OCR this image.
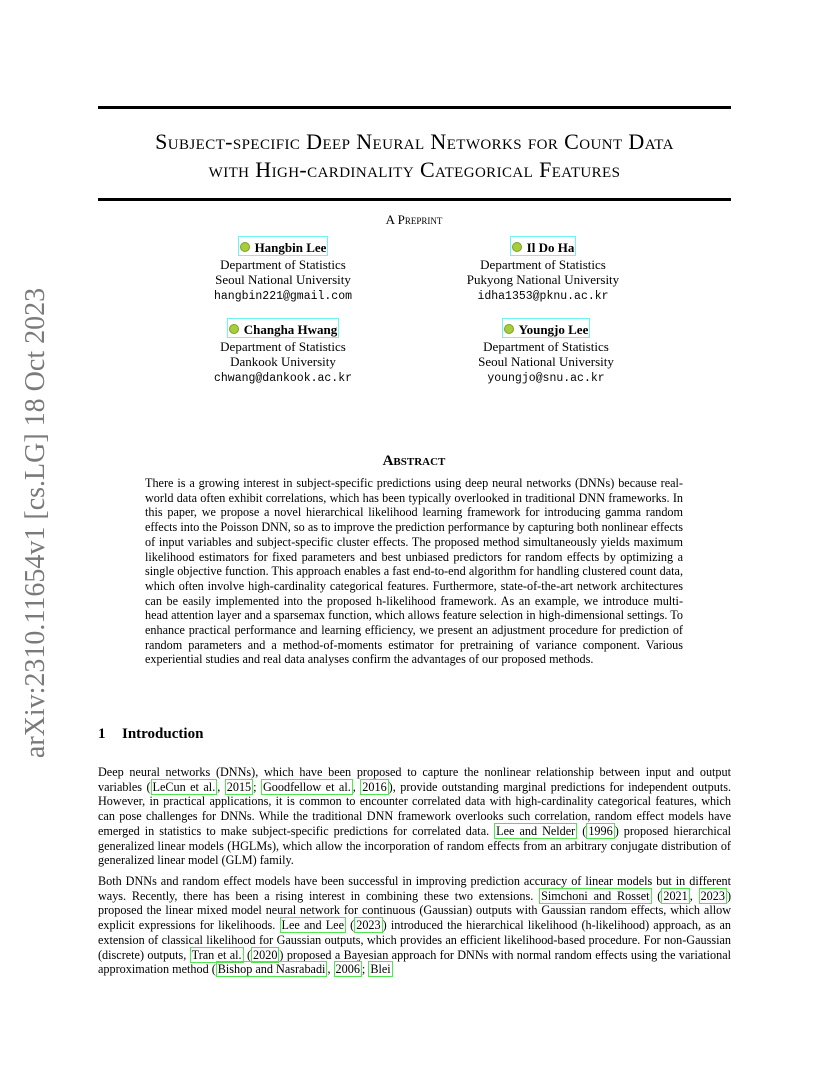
arXiv:2310.11654v1 [cs.LG] 18 Oct 2023
Subject-specific Deep Neural Networks for Count Data
with High-cardinality Categorical Features
A Preprint
Hangbin Lee
Department of Statistics
Seoul National University
hangbin221@gmail.com
Il Do Ha
Department of Statistics
Pukyong National University
idha1353@pknu.ac.kr
Changha Hwang
Department of Statistics
Dankook University
chwang@dankook.ac.kr
Youngjo Lee
Department of Statistics
Seoul National University
youngjo@snu.ac.kr
Abstract
There is a growing interest in subject-specific predictions using deep neural networks (DNNs) because real-world data often exhibit correlations, which has been typically overlooked in traditional DNN frameworks. In this paper, we propose a novel hierarchical likelihood learning framework for introducing gamma random effects into the Poisson DNN, so as to improve the prediction performance by capturing both nonlinear effects of input variables and subject-specific cluster effects. The proposed method simultaneously yields maximum likelihood estimators for fixed parameters and best unbiased predictors for random effects by optimizing a single objective function. This approach enables a fast end-to-end algorithm for handling clustered count data, which often involve high-cardinality categorical features. Furthermore, state-of-the-art network architectures can be easily implemented into the proposed h-likelihood framework. As an example, we introduce multi-head attention layer and a sparsemax function, which allows feature selection in high-dimensional settings. To enhance practical performance and learning efficiency, we present an adjustment procedure for prediction of random parameters and a method-of-moments estimator for pretraining of variance component. Various experiential studies and real data analyses confirm the advantages of our proposed methods.
1 Introduction

Deep neural networks (DNNs), which have been proposed to capture the nonlinear relationship between input and output variables ( LeCun et al. , 2015 ; Goodfellow et al. , 2016 ), provide outstanding marginal predictions for independent outputs. However, in practical applications, it is common to encounter correlated data with high-cardinality categorical features, which can pose challenges for DNNs. While the traditional DNN framework overlooks such correlation, random effect models have emerged in statistics to make subject-specific predictions for correlated data. Lee and Nelder ( 1996 ) proposed hierarchical generalized linear models (HGLMs), which allow the incorporation of random effects from an arbitrary conjugate distribution of generalized linear model (GLM) family.

Both DNNs and random effect models have been successful in improving prediction accuracy of linear models but in different ways. Recently, there has been a rising interest in combining these two extensions. Simchoni and Rosset ( 2021 , 2023 ) proposed the linear mixed model neural network for continuous (Gaussian) outputs with Gaussian random effects, which allow explicit expressions for likelihoods. Lee and Lee ( 2023 ) introduced the hierarchical likelihood (h-likelihood) approach, as an extension of classical likelihood for Gaussian outputs, which provides an efficient likelihood-based procedure. For non-Gaussian (discrete) outputs, Tran et al. ( 2020 ) proposed a Bayesian approach for DNNs with normal random effects using the variational approximation method ( Bishop and Nasrabadi , 2006 ; Blei
